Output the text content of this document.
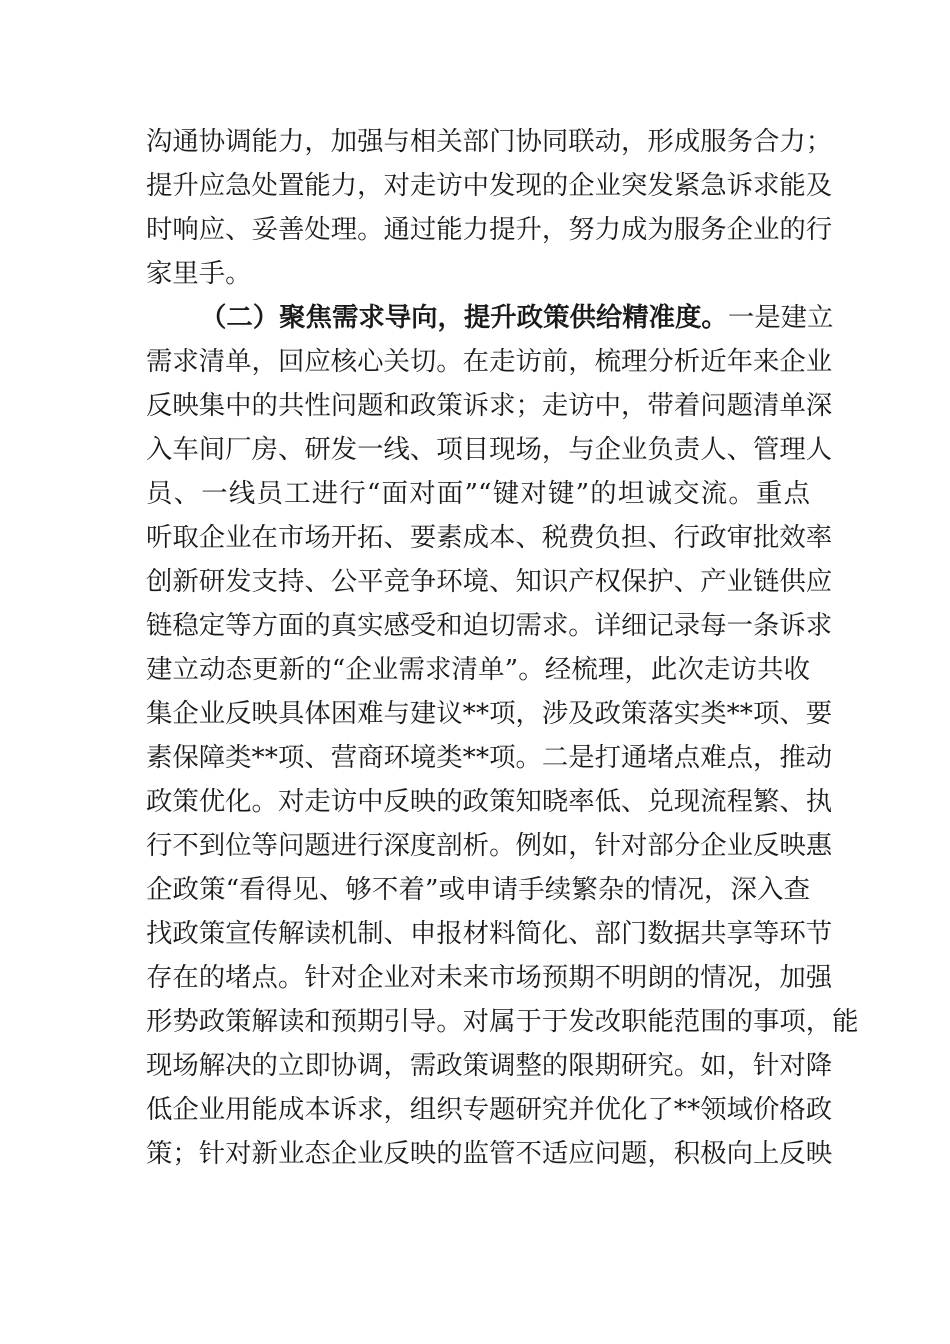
沟通协调能力，加强与相关部门协同联动，形成服务合力；
提升应急处置能力，对走访中发现的企业突发紧急诉求能及
时响应、妥善处理。通过能力提升，努力成为服务企业的行
家里手。
（二）聚焦需求导向，提升政策供给精准度。一是建立
需求清单，回应核心关切。在走访前，梳理分析近年来企业
反映集中的共性问题和政策诉求；走访中，带着问题清单深
入车间厂房、研发一线、项目现场，与企业负责人、管理人
员、一线员工进行“面对面”“键对键”的坦诚交流。重点
听取企业在市场开拓、要素成本、税费负担、行政审批效率
创新研发支持、公平竞争环境、知识产权保护、产业链供应
链稳定等方面的真实感受和迫切需求。详细记录每一条诉求
建立动态更新的“企业需求清单”。经梳理，此次走访共收
集企业反映具体困难与建议**项，涉及政策落实类**项、要
素保障类**项、营商环境类**项。二是打通堵点难点，推动
政策优化。对走访中反映的政策知晓率低、兑现流程繁、执
行不到位等问题进行深度剖析。例如，针对部分企业反映惠
企政策“看得见、够不着”或申请手续繁杂的情况，深入查
找政策宣传解读机制、申报材料简化、部门数据共享等环节
存在的堵点。针对企业对未来市场预期不明朗的情况，加强
形势政策解读和预期引导。对属于于发改职能范围的事项，能
现场解决的立即协调，需政策调整的限期研究。如，针对降
低企业用能成本诉求，组织专题研究并优化了**领域价格政
策；针对新业态企业反映的监管不适应问题，积极向上反映
